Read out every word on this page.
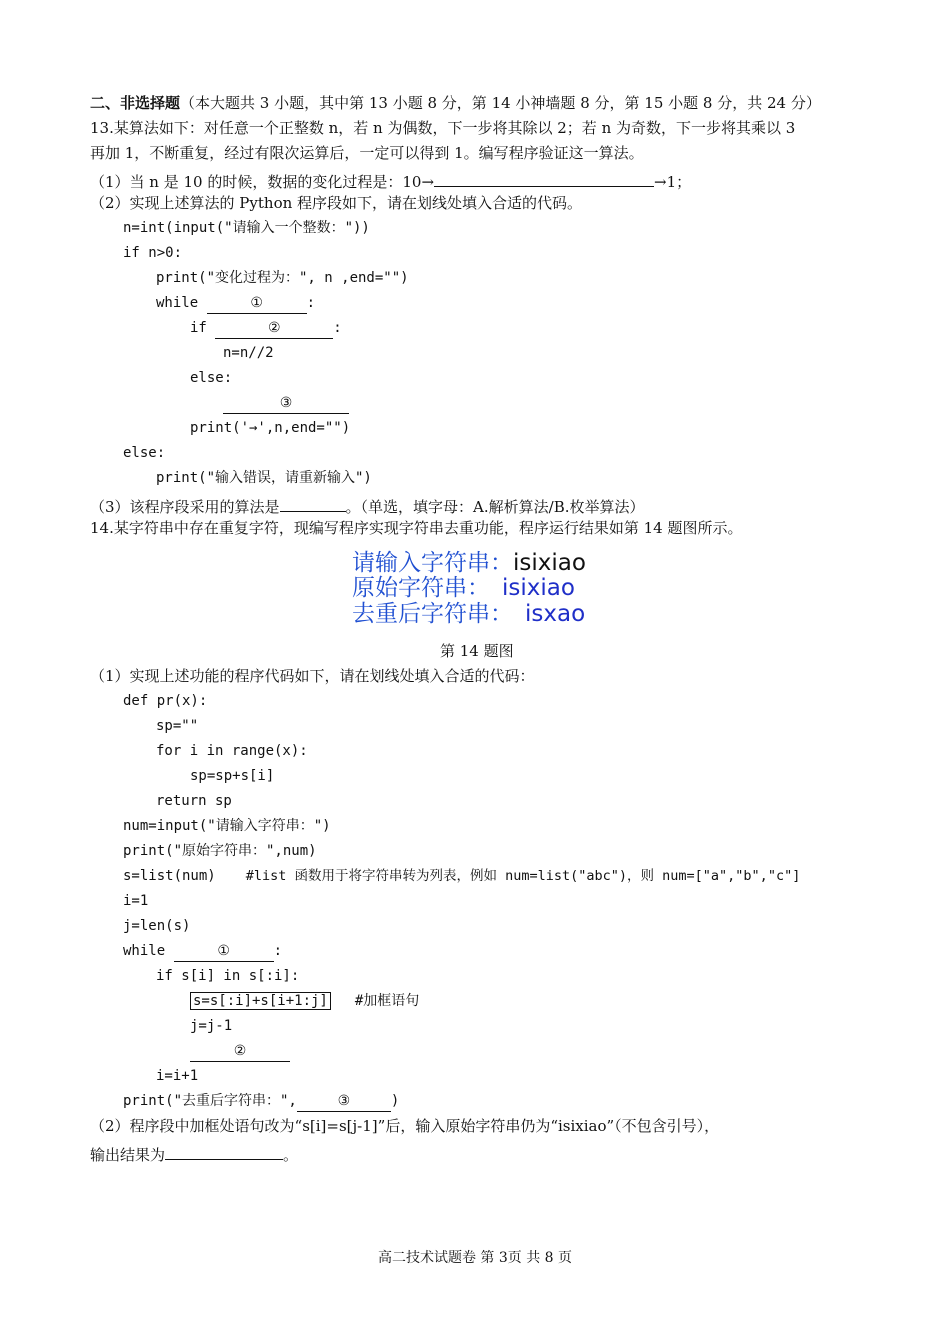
二、非选择题（本大题共 3 小题，其中第 13 小题 8 分，第 14 小神墙题 8 分，第 15 小题 8 分，共 24 分）
13.某算法如下：对任意一个正整数 n，若 n 为偶数，下一步将其除以 2；若 n 为奇数，下一步将其乘以 3
再加 1，不断重复，经过有限次运算后，一定可以得到 1。编写程序验证这一算法。
（1）当 n 是 10 的时候，数据的变化过程是：10→	→1；
（2）实现上述算法的 Python 程序段如下，请在划线处填入合适的代码。
n=int(input("请输入一个整数："))
if n>0:
print("变化过程为：", n ,end="")
while	①	:
if	②	:
n=n//2
else:
③
print('→',n,end="")
else:
print("输入错误，请重新输入")
（3）该程序段采用的算法是	。（单选，填字母：A.解析算法/B.枚举算法）
14.某字符串中存在重复字符，现编写程序实现字符串去重功能，程序运行结果如第 14 题图所示。
请输入字符串：isixiao
原始字符串： isixiao
去重后字符串： isxao
第 14 题图
（1）实现上述功能的程序代码如下，请在划线处填入合适的代码：
def pr(x):
sp=""
for i in range(x):
sp=sp+s[i]
return sp
num=input("请输入字符串：")
print("原始字符串：",num)
s=list(num) #list 函数用于将字符串转为列表，例如 num=list("abc")，则 num=["a","b","c"]
i=1
j=len(s)
while	①	:
if s[i] in s[:i]:
s=s[:i]+s[i+1:j] #加框语句
j=j-1
②
i=i+1
print("去重后字符串：",	③	)
（2）程序段中加框处语句改为“s[i]=s[j-1]”后，输入原始字符串仍为“isixiao”（不包含引号），
输出结果为	。
高二技术试题卷 第 3页 共 8 页
